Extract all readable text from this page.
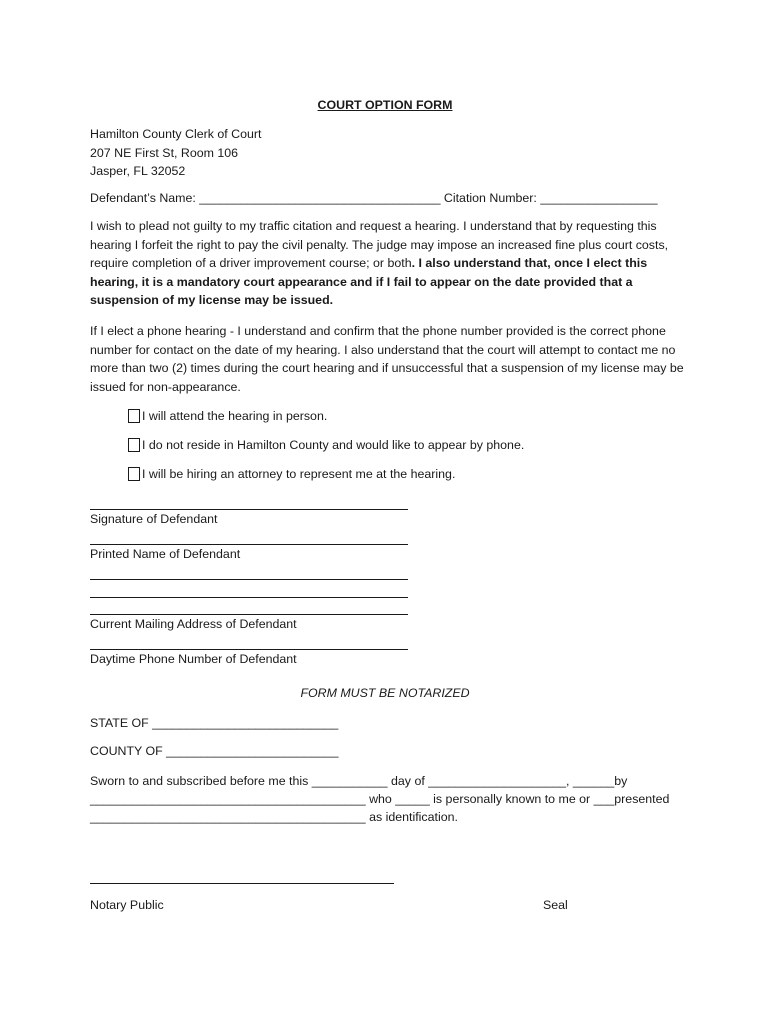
COURT OPTION FORM
Hamilton County Clerk of Court
207 NE First St, Room 106
Jasper, FL 32052
Defendant’s Name: ___________________________________ Citation Number: _________________
I wish to plead not guilty to my traffic citation and request a hearing. I understand that by requesting this hearing I forfeit the right to pay the civil penalty. The judge may impose an increased fine plus court costs, require completion of a driver improvement course; or both. I also understand that, once I elect this hearing, it is a mandatory court appearance and if I fail to appear on the date provided that a suspension of my license may be issued.
If I elect a phone hearing - I understand and confirm that the phone number provided is the correct phone number for contact on the date of my hearing. I also understand that the court will attempt to contact me no more than two (2) times during the court hearing and if unsuccessful that a suspension of my license may be issued for non-appearance.
I will attend the hearing in person.
I do not reside in Hamilton County and would like to appear by phone.
I will be hiring an attorney to represent me at the hearing.
Signature of Defendant
Printed Name of Defendant
Current Mailing Address of Defendant
Daytime Phone Number of Defendant
FORM MUST BE NOTARIZED
STATE OF ___________________________
COUNTY OF _________________________
Sworn to and subscribed before me this ___________ day of ____________________, ______by
________________________________________ who _____ is personally known to me or ___presented
________________________________________ as identification.
Notary Public	Seal
